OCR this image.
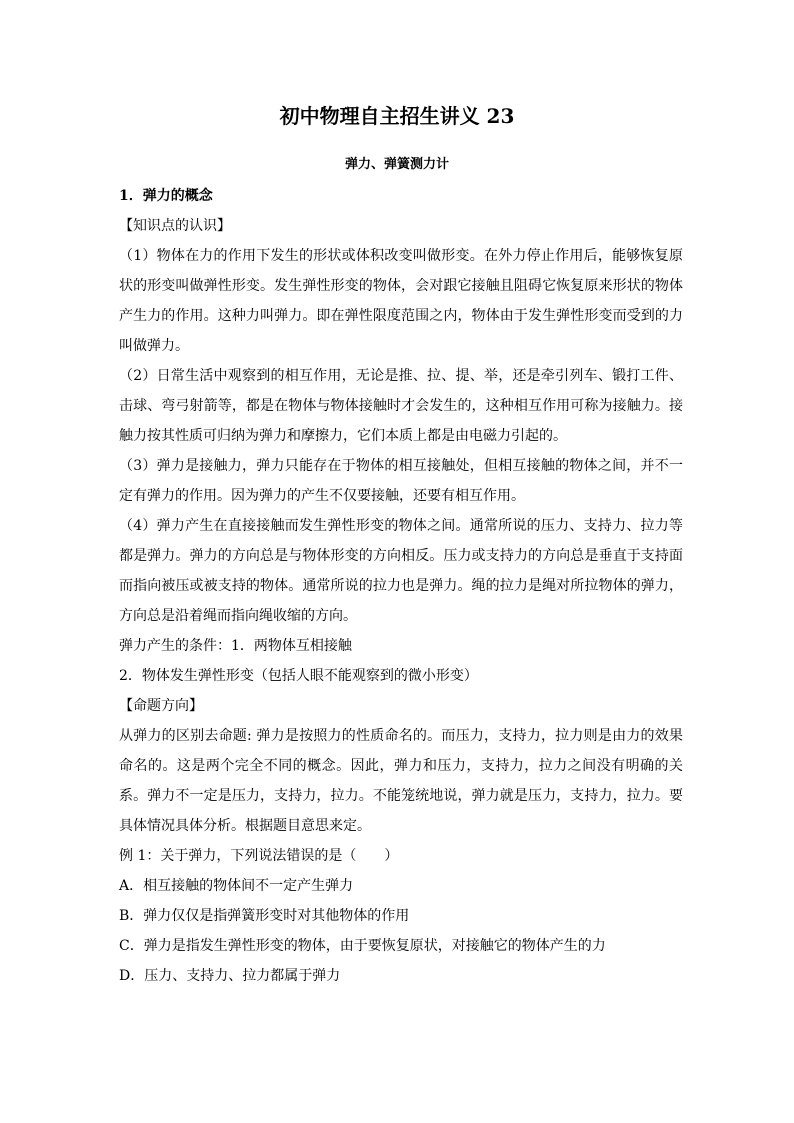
初中物理自主招生讲义 23
弹力、弹簧测力计

1．弹力的概念

【知识点的认识】

（1）物体在力的作用下发生的形状或体积改变叫做形变。在外力停止作用后，能够恢复原状的形变叫做弹性形变。发生弹性形变的物体，会对跟它接触且阻碍它恢复原来形状的物体产生力的作用。这种力叫弹力。即在弹性限度范围之内，物体由于发生弹性形变而受到的力叫做弹力。

（2）日常生活中观察到的相互作用，无论是推、拉、提、举，还是牵引列车、锻打工件、击球、弯弓射箭等，都是在物体与物体接触时才会发生的，这种相互作用可称为接触力。接触力按其性质可归纳为弹力和摩擦力，它们本质上都是由电磁力引起的。

（3）弹力是接触力，弹力只能存在于物体的相互接触处，但相互接触的物体之间，并不一定有弹力的作用。因为弹力的产生不仅要接触，还要有相互作用。

（4）弹力产生在直接接触而发生弹性形变的物体之间。通常所说的压力、支持力、拉力等都是弹力。弹力的方向总是与物体形变的方向相反。压力或支持力的方向总是垂直于支持面而指向被压或被支持的物体。通常所说的拉力也是弹力。绳的拉力是绳对所拉物体的弹力，方向总是沿着绳而指向绳收缩的方向。

弹力产生的条件：1．两物体互相接触

2．物体发生弹性形变（包括人眼不能观察到的微小形变）

【命题方向】

从弹力的区别去命题: 弹力是按照力的性质命名的。而压力，支持力，拉力则是由力的效果命名的。这是两个完全不同的概念。因此，弹力和压力，支持力，拉力之间没有明确的关系。弹力不一定是压力，支持力，拉力。不能笼统地说，弹力就是压力，支持力，拉力。要具体情况具体分析。根据题目意思来定。

例 1：关于弹力，下列说法错误的是（　　）

A．相互接触的物体间不一定产生弹力

B．弹力仅仅是指弹簧形变时对其他物体的作用

C．弹力是指发生弹性形变的物体，由于要恢复原状，对接触它的物体产生的力

D．压力、支持力、拉力都属于弹力
